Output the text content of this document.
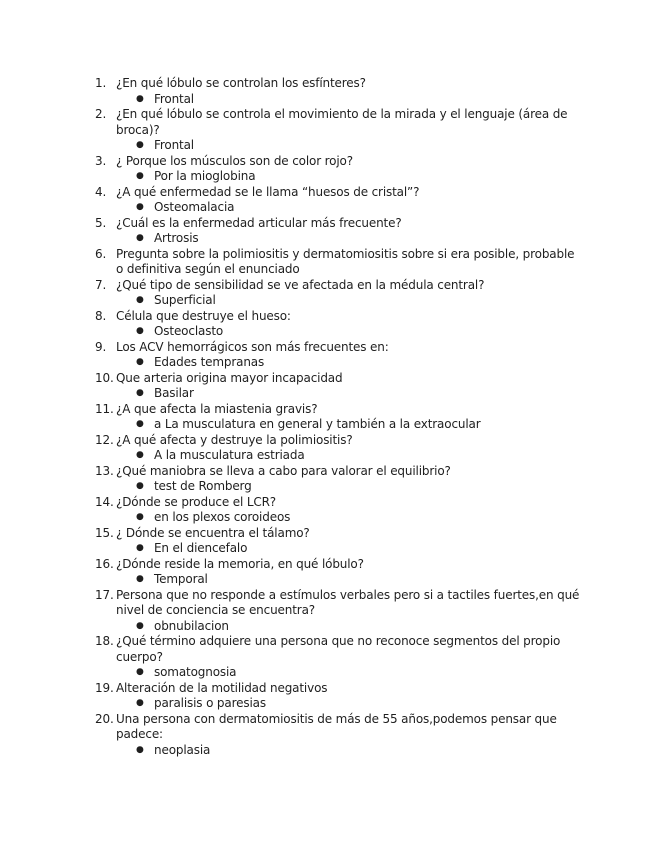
1. ¿En qué lóbulo se controlan los esfínteres?
● Frontal
2. ¿En qué lóbulo se controla el movimiento de la mirada y el lenguaje (área de broca)?
● Frontal
3. ¿ Porque los músculos son de color rojo?
● Por la mioglobina
4. ¿A qué enfermedad se le llama “huesos de cristal”?
● Osteomalacia
5. ¿Cuál es la enfermedad articular más frecuente?
● Artrosis
6. Pregunta sobre la polimiositis y dermatomiositis sobre si era posible, probable o definitiva según el enunciado
7. ¿Qué tipo de sensibilidad se ve afectada en la médula central?
● Superficial
8. Célula que destruye el hueso:
● Osteoclasto
9. Los ACV hemorrágicos son más frecuentes en:
● Edades tempranas
10. Que arteria origina mayor incapacidad
● Basilar
11. ¿A que afecta la miastenia gravis?
● a La musculatura en general y también a la extraocular
12. ¿A qué afecta y destruye la polimiositis?
● A la musculatura estriada
13. ¿Qué maniobra se lleva a cabo para valorar el equilibrio?
● test de Romberg
14. ¿Dónde se produce el LCR?
● en los plexos coroideos
15. ¿ Dónde se encuentra el tálamo?
● En el diencefalo
16. ¿Dónde reside la memoria, en qué lóbulo?
● Temporal
17. Persona que no responde a estímulos verbales pero si a tactiles fuertes,en qué nivel de conciencia se encuentra?
● obnubilacion
18. ¿Qué término adquiere una persona que no reconoce segmentos del propio cuerpo?
● somatognosia
19. Alteración de la motilidad negativos
● paralisis o paresias
20. Una persona con dermatomiositis de más de 55 años,podemos pensar que padece:
● neoplasia
